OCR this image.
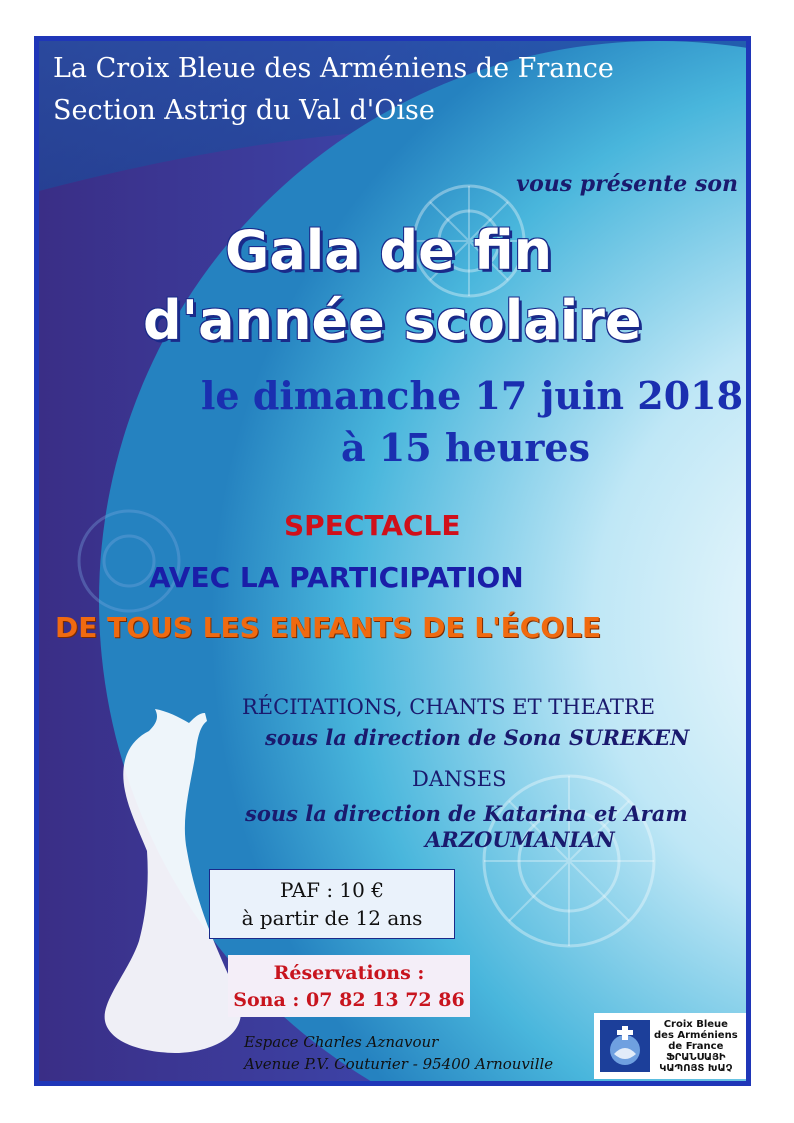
La Croix Bleue des Arméniens de France
Section Astrig du Val d'Oise
vous présente son
Gala de fin
d'année scolaire
le dimanche 17 juin 2018
à 15 heures
SPECTACLE
AVEC LA PARTICIPATION
DE TOUS LES ENFANTS DE L'ÉCOLE
RÉCITATIONS, CHANTS ET THEATRE
sous la direction de Sona SUREKEN
DANSES
sous la direction de Katarina et Aram
ARZOUMANIAN
PAF : 10 €
à partir de 12 ans
Réservations :
Sona : 07 82 13 72 86
Espace Charles Aznavour
Avenue P.V. Couturier - 95400 Arnouville
Croix Bleue
des Arméniens
de France
ՖՐԱՆՍԱՅԻ
ԿԱՊՈՅՏ ԽԱՉ
